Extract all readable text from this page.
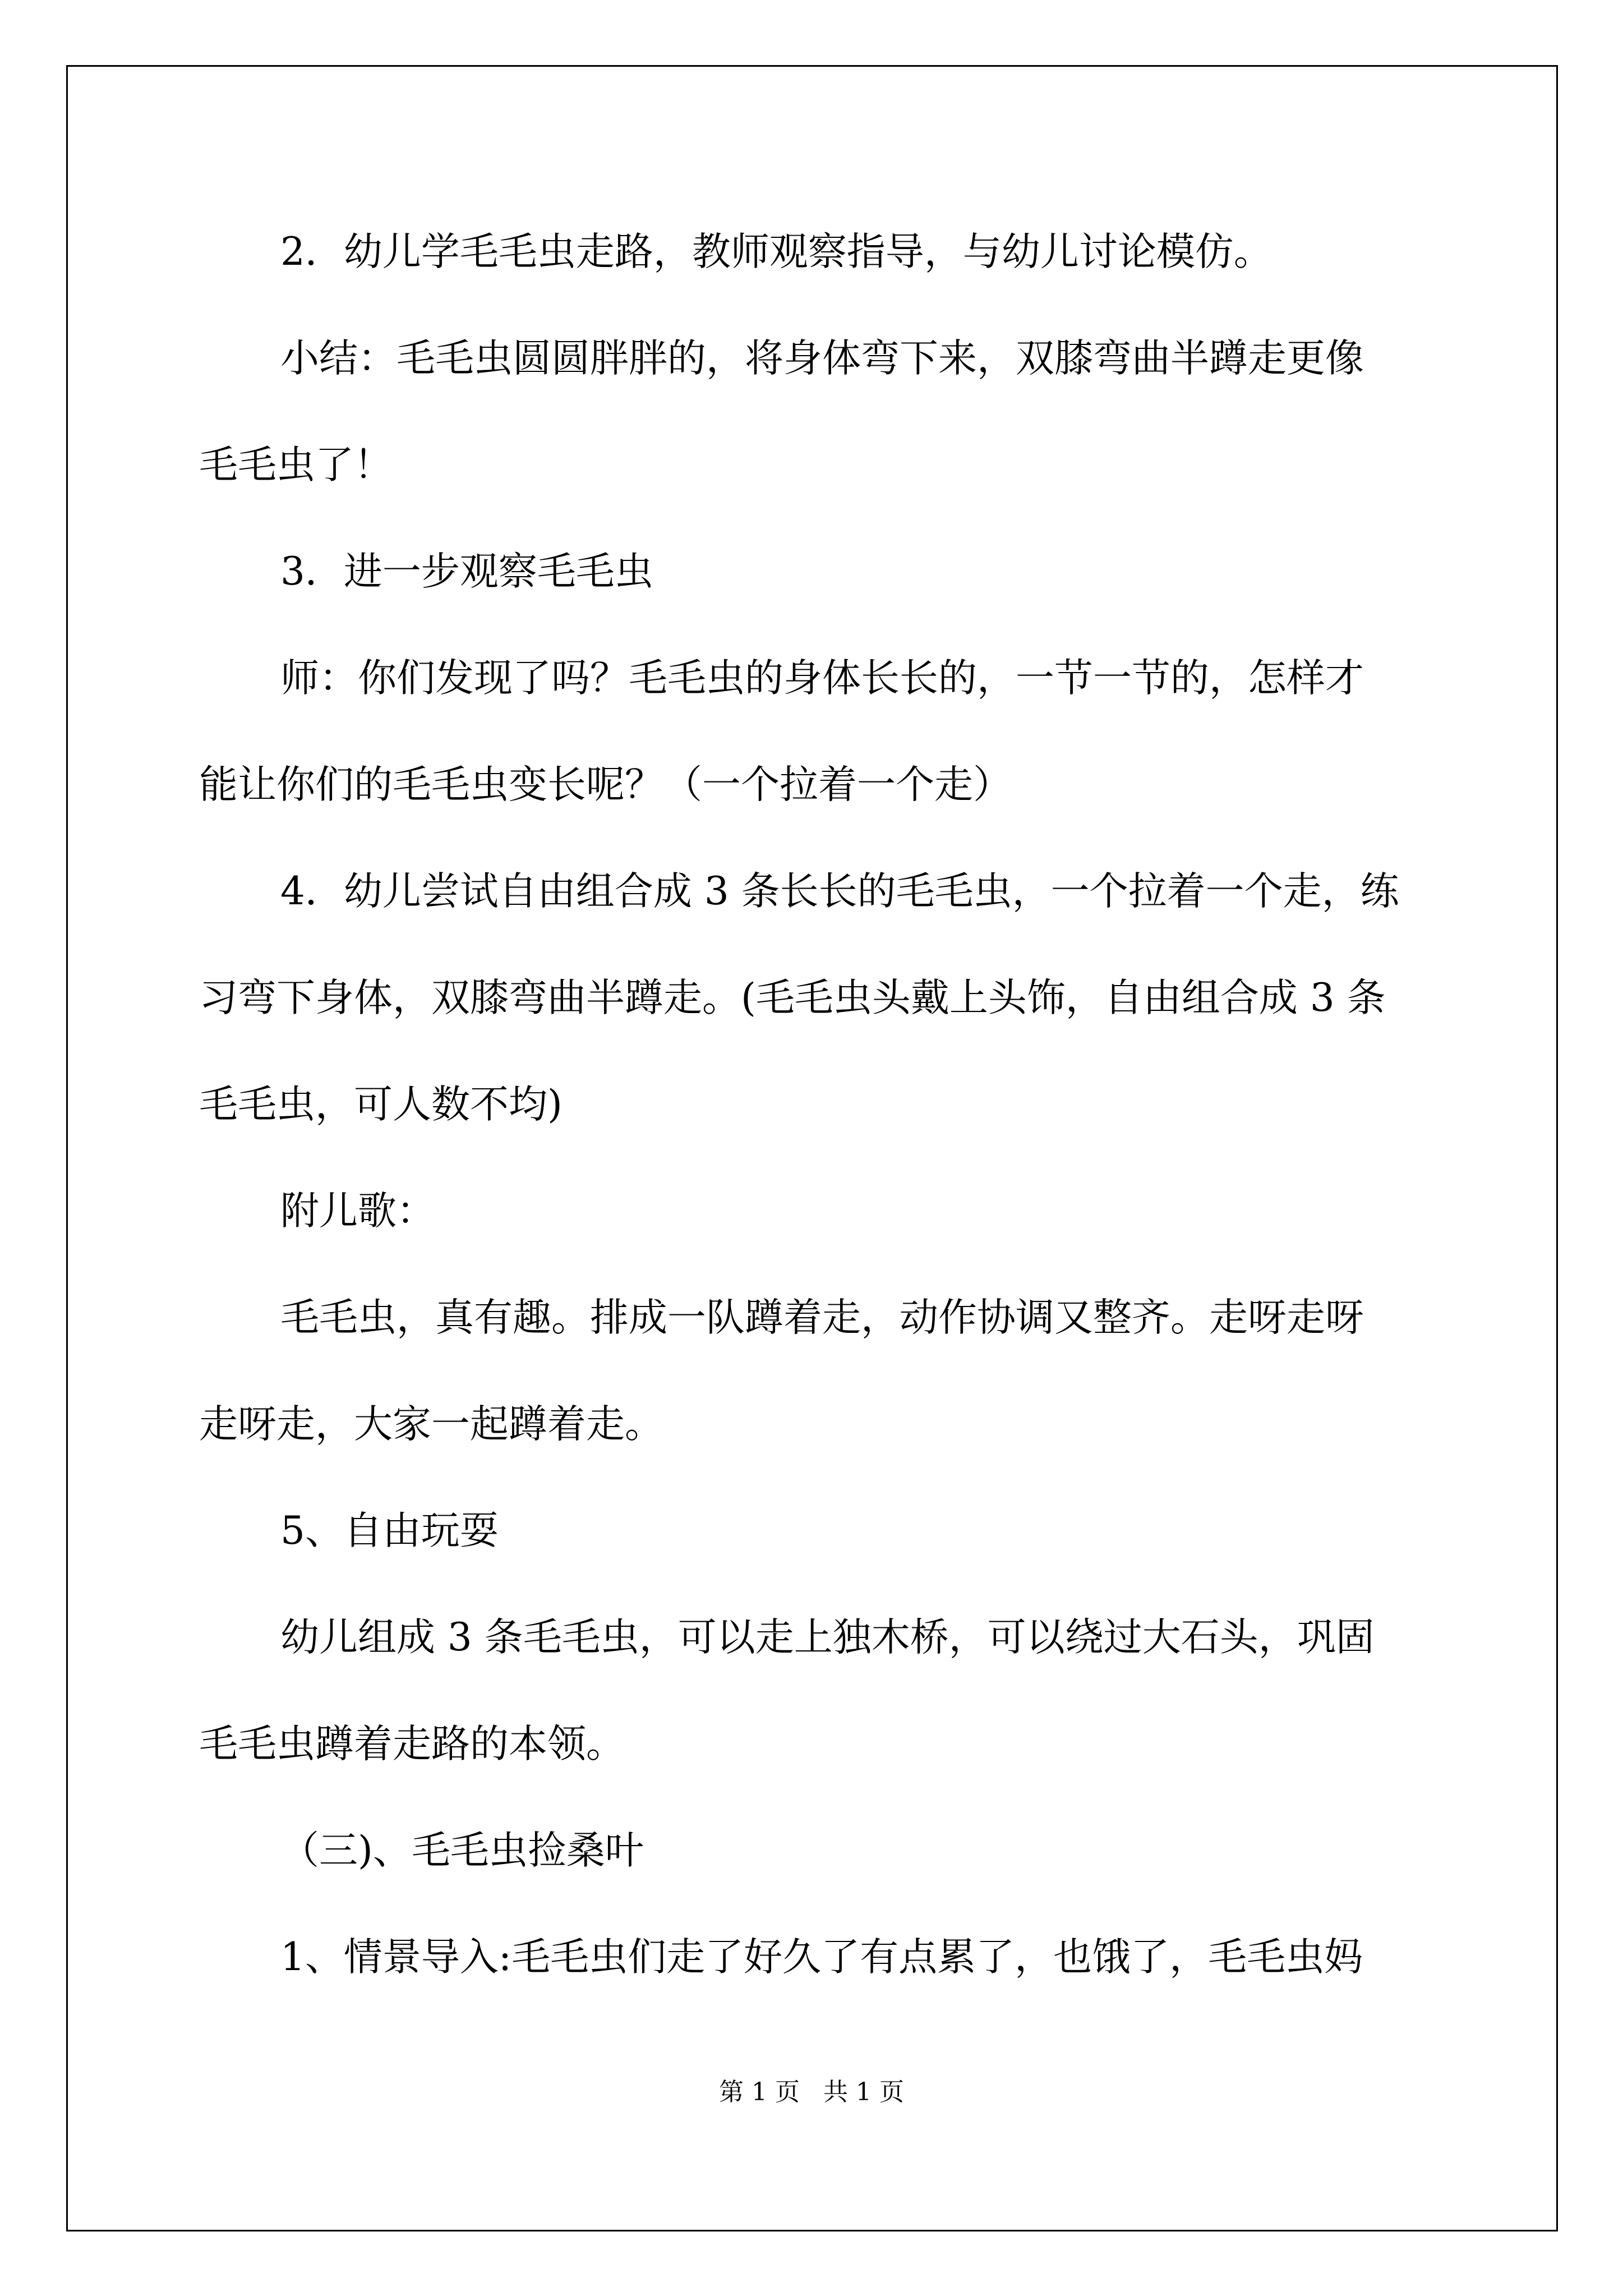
2．幼儿学毛毛虫走路，教师观察指导，与幼儿讨论模仿。

小结：毛毛虫圆圆胖胖的，将身体弯下来，双膝弯曲半蹲走更像

毛毛虫了！

3．进一步观察毛毛虫

师：你们发现了吗？毛毛虫的身体长长的，一节一节的，怎样才

能让你们的毛毛虫变长呢？（一个拉着一个走）

4．幼儿尝试自由组合成 3 条长长的毛毛虫，一个拉着一个走，练

习弯下身体，双膝弯曲半蹲走。(毛毛虫头戴上头饰，自由组合成 3 条

毛毛虫，可人数不均)

附儿歌：

毛毛虫，真有趣。排成一队蹲着走，动作协调又整齐。走呀走呀

走呀走，大家一起蹲着走。

5、自由玩耍

幼儿组成 3 条毛毛虫，可以走上独木桥，可以绕过大石头，巩固

毛毛虫蹲着走路的本领。

（三)、毛毛虫捡桑叶

1、情景导入:毛毛虫们走了好久了有点累了，也饿了，毛毛虫妈

第 1 页   共 1 页
